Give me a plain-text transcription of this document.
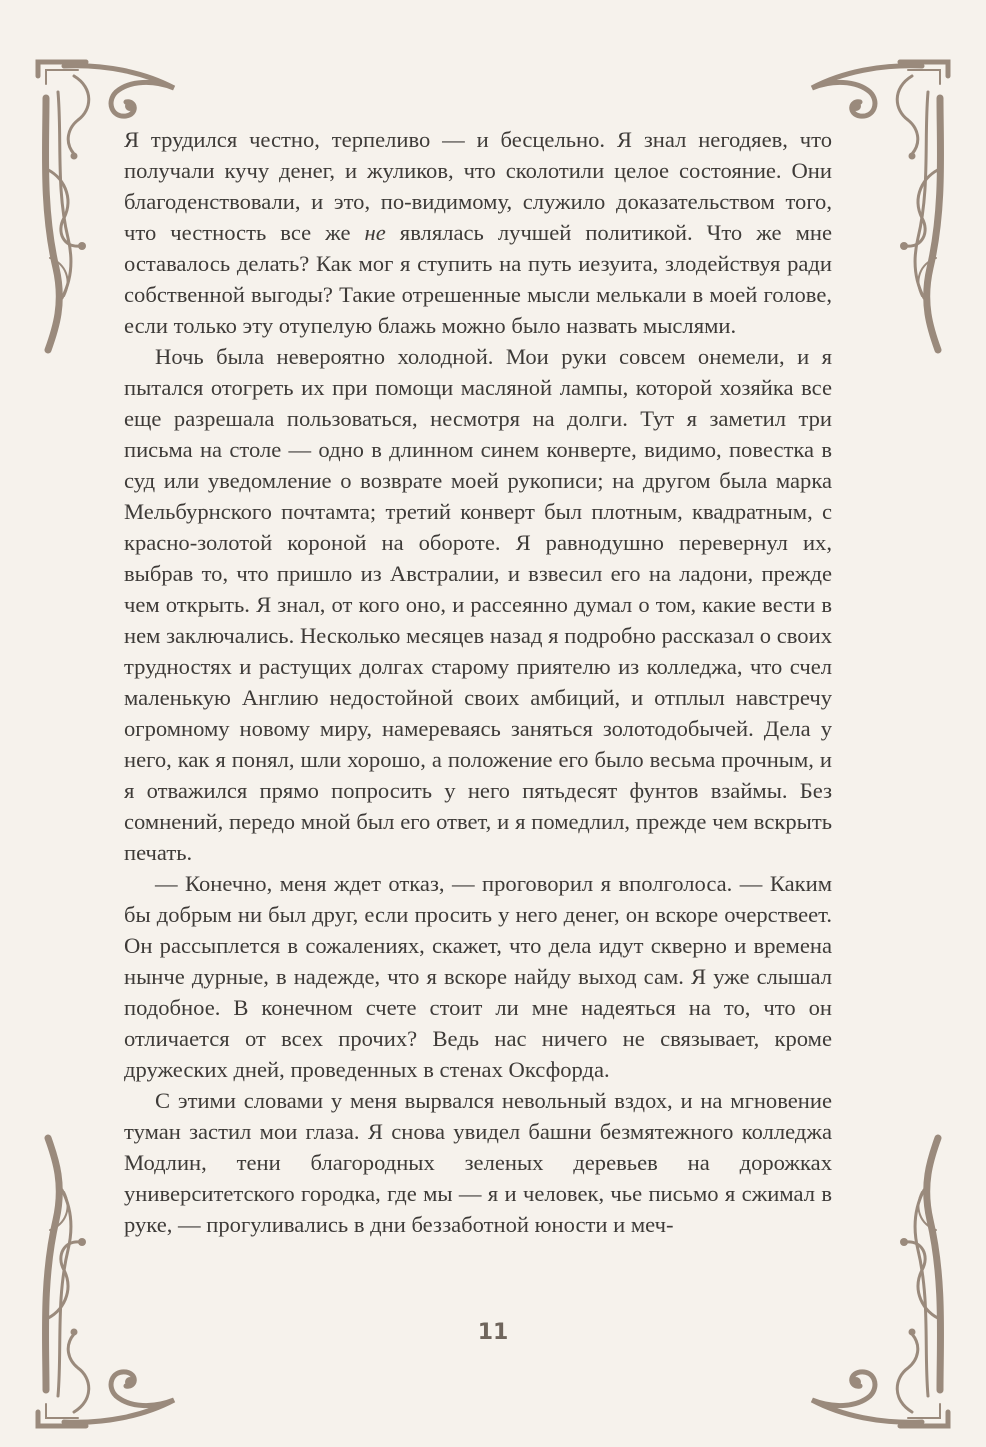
Я трудился честно, терпеливо — и бесцельно. Я знал негодяев, что получали кучу денег, и жуликов, что сколотили целое состояние. Они благоденствовали, и это, по-видимому, служило доказательством того, что честность все же не являлась лучшей политикой. Что же мне оставалось делать? Как мог я ступить на путь иезуита, злодействуя ради собственной выгоды? Такие отрешенные мысли мелькали в моей голове, если только эту отупелую блажь можно было назвать мыслями.

Ночь была невероятно холодной. Мои руки совсем онемели, и я пытался отогреть их при помощи масляной лампы, которой хозяйка все еще разрешала пользоваться, несмотря на долги. Тут я заметил три письма на столе — одно в длинном синем конверте, видимо, повестка в суд или уведомление о возврате моей рукописи; на другом была марка Мельбурнского почтамта; третий конверт был плотным, квадратным, с красно-золотой короной на обороте. Я равнодушно перевернул их, выбрав то, что пришло из Австралии, и взвесил его на ладони, прежде чем открыть. Я знал, от кого оно, и рассеянно думал о том, какие вести в нем заключались. Несколько месяцев назад я подробно рассказал о своих трудностях и растущих долгах старому приятелю из колледжа, что счел маленькую Англию недостойной своих амбиций, и отплыл навстречу огромному новому миру, намереваясь заняться золотодобычей. Дела у него, как я понял, шли хорошо, а положение его было весьма прочным, и я отважился прямо попросить у него пятьдесят фунтов взаймы. Без сомнений, передо мной был его ответ, и я помедлил, прежде чем вскрыть печать.

— Конечно, меня ждет отказ, — проговорил я вполголоса. — Каким бы добрым ни был друг, если просить у него денег, он вскоре очерствеет. Он рассыплется в сожалениях, скажет, что дела идут скверно и времена нынче дурные, в надежде, что я вскоре найду выход сам. Я уже слышал подобное. В конечном счете стоит ли мне надеяться на то, что он отличается от всех прочих? Ведь нас ничего не связывает, кроме дружеских дней, проведенных в стенах Оксфорда.

С этими словами у меня вырвался невольный вздох, и на мгновение туман застил мои глаза. Я снова увидел башни безмятежного колледжа Модлин, тени благородных зеленых деревьев на дорожках университетского городка, где мы — я и человек, чье письмо я сжимал в руке, — прогуливались в дни беззаботной юности и меч-

11
